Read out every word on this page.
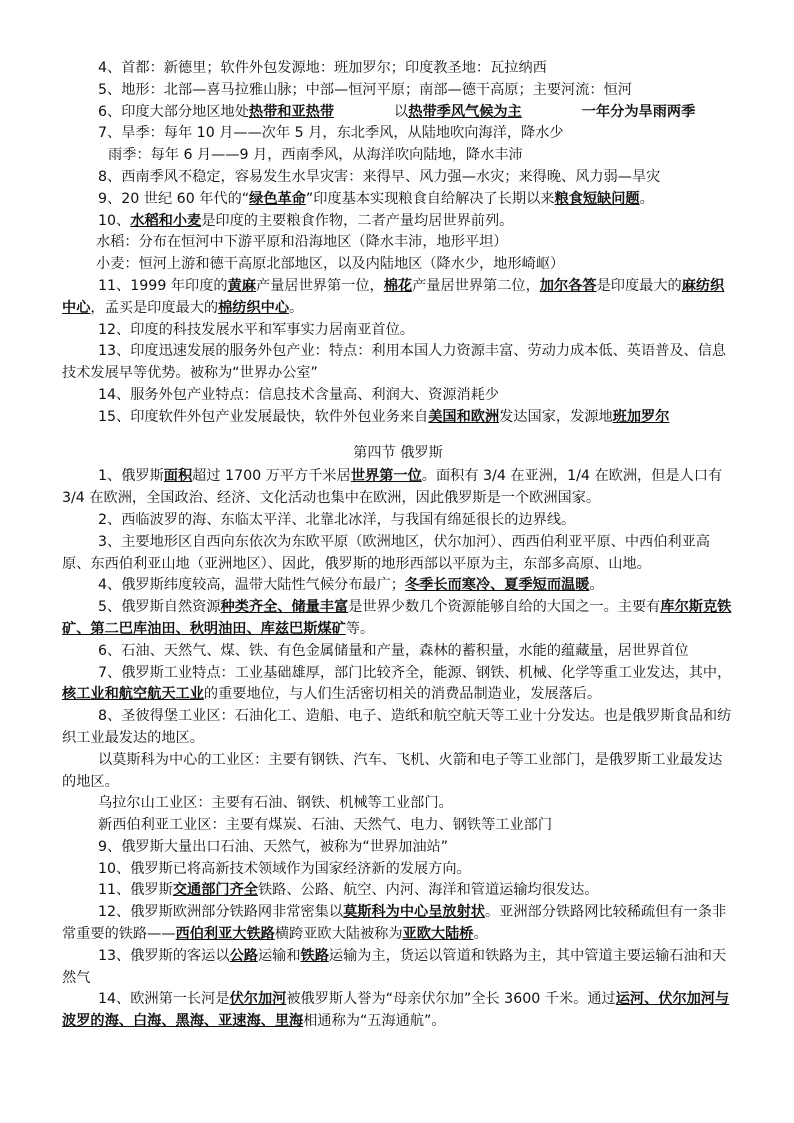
4、首都：新德里；软件外包发源地：班加罗尔；印度教圣地：瓦拉纳西

5、地形：北部—喜马拉雅山脉；中部—恒河平原；南部—德干高原；主要河流：恒河

6、印度大部分地区地处热带和亚热带	以热带季风气候为主	一年分为旱雨两季

7、旱季：每年 10 月——次年 5 月，东北季风，从陆地吹向海洋，降水少

雨季：每年 6 月——9 月，西南季风，从海洋吹向陆地，降水丰沛

8、西南季风不稳定，容易发生水旱灾害：来得早、风力强—水灾；来得晚、风力弱—旱灾

9、20 世纪 60 年代的“绿色革命”印度基本实现粮食自给解决了长期以来粮食短缺问题。

10、水稻和小麦是印度的主要粮食作物，二者产量均居世界前列。

水稻：分布在恒河中下游平原和沿海地区（降水丰沛，地形平坦）

小麦：恒河上游和德干高原北部地区，以及内陆地区（降水少，地形崎岖）

11、1999 年印度的黄麻产量居世界第一位，棉花产量居世界第二位，加尔各答是印度最大的麻纺织中心，孟买是印度最大的棉纺织中心。

12、印度的科技发展水平和军事实力居南亚首位。

13、印度迅速发展的服务外包产业：特点：利用本国人力资源丰富、劳动力成本低、英语普及、信息技术发展早等优势。被称为“世界办公室”

14、服务外包产业特点：信息技术含量高、利润大、资源消耗少

15、印度软件外包产业发展最快，软件外包业务来自美国和欧洲发达国家，发源地班加罗尔

第四节 俄罗斯

1、俄罗斯面积超过 1700 万平方千米居世界第一位。面积有 3/4 在亚洲，1/4 在欧洲，但是人口有 3/4 在欧洲，全国政治、经济、文化活动也集中在欧洲，因此俄罗斯是一个欧洲国家。

2、西临波罗的海、东临太平洋、北靠北冰洋，与我国有绵延很长的边界线。

3、主要地形区自西向东依次为东欧平原（欧洲地区，伏尔加河）、西西伯利亚平原、中西伯利亚高原、东西伯利亚山地（亚洲地区）、因此，俄罗斯的地形西部以平原为主，东部多高原、山地。

4、俄罗斯纬度较高，温带大陆性气候分布最广；冬季长而寒冷、夏季短而温暖。

5、俄罗斯自然资源种类齐全、储量丰富是世界少数几个资源能够自给的大国之一。主要有库尔斯克铁矿、第二巴库油田、秋明油田、库兹巴斯煤矿等。

6、石油、天然气、煤、铁、有色金属储量和产量，森林的蓄积量，水能的蕴藏量，居世界首位

7、俄罗斯工业特点：工业基础雄厚，部门比较齐全，能源、钢铁、机械、化学等重工业发达，其中，核工业和航空航天工业的重要地位，与人们生活密切相关的消费品制造业，发展落后。

8、圣彼得堡工业区：石油化工、造船、电子、造纸和航空航天等工业十分发达。也是俄罗斯食品和纺织工业最发达的地区。

以莫斯科为中心的工业区：主要有钢铁、汽车、飞机、火箭和电子等工业部门，是俄罗斯工业最发达的地区。

乌拉尔山工业区：主要有石油、钢铁、机械等工业部门。

新西伯利亚工业区：主要有煤炭、石油、天然气、电力、钢铁等工业部门

9、俄罗斯大量出口石油、天然气，被称为“世界加油站”

10、俄罗斯已将高新技术领域作为国家经济新的发展方向。

11、俄罗斯交通部门齐全铁路、公路、航空、内河、海洋和管道运输均很发达。

12、俄罗斯欧洲部分铁路网非常密集以莫斯科为中心呈放射状。亚洲部分铁路网比较稀疏但有一条非常重要的铁路——西伯利亚大铁路横跨亚欧大陆被称为亚欧大陆桥。

13、俄罗斯的客运以公路运输和铁路运输为主，货运以管道和铁路为主，其中管道主要运输石油和天然气

14、欧洲第一长河是伏尔加河被俄罗斯人誉为“母亲伏尔加”全长 3600 千米。通过运河、伏尔加河与波罗的海、白海、黑海、亚速海、里海相通称为“五海通航”。
